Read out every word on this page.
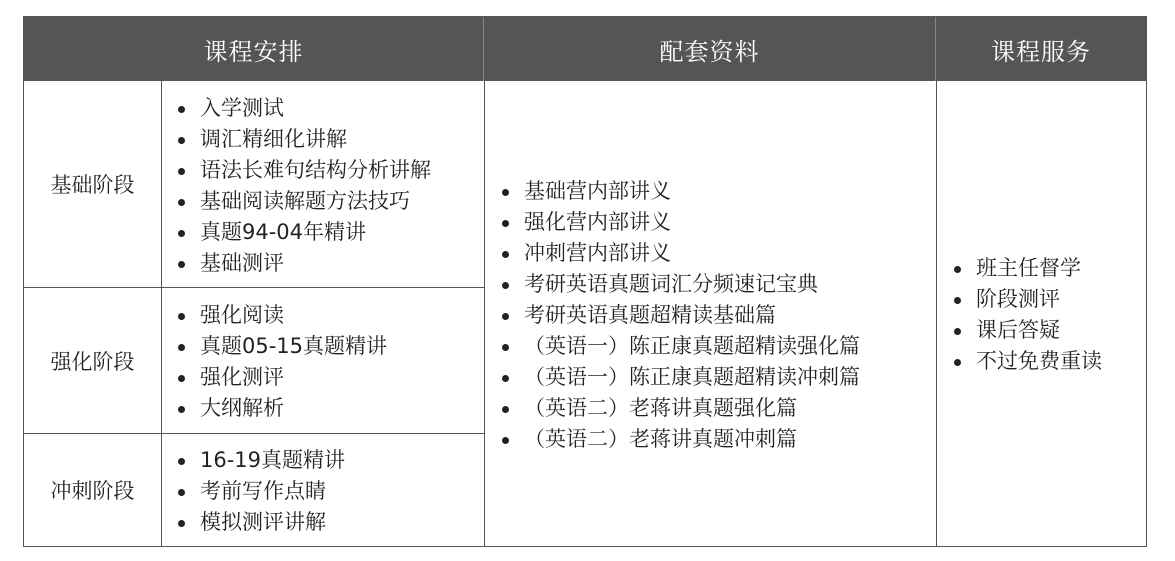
课程安排	配套资料	课程服务
基础阶段
强化阶段
冲刺阶段
入学测试
调汇精细化讲解
语法长难句结构分析讲解
基础阅读解题方法技巧
真题94-04年精讲
基础测评
强化阅读
真题05-15真题精讲
强化测评
大纲解析
16-19真题精讲
考前写作点睛
模拟测评讲解
基础营内部讲义
强化营内部讲义
冲刺营内部讲义
考研英语真题词汇分频速记宝典
考研英语真题超精读基础篇
（英语一）陈正康真题超精读强化篇
（英语一）陈正康真题超精读冲刺篇
（英语二）老蒋讲真题强化篇
（英语二）老蒋讲真题冲刺篇
班主任督学
阶段测评
课后答疑
不过免费重读
